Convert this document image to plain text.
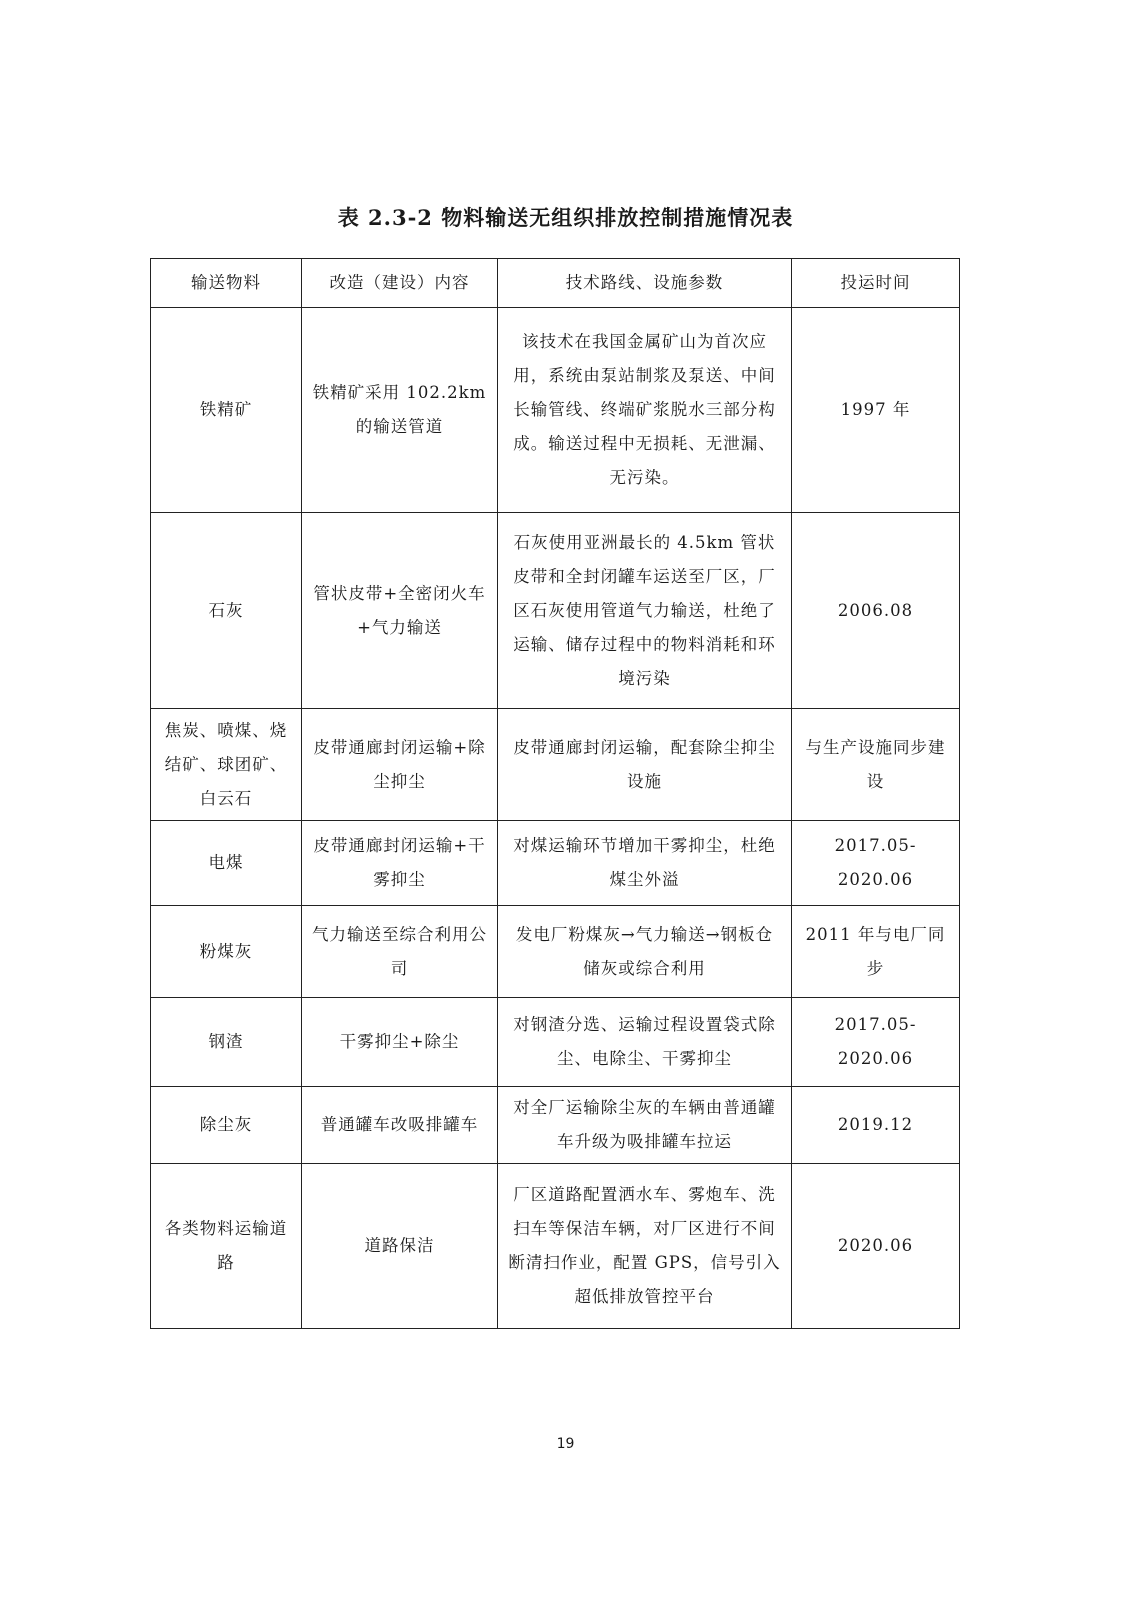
表 2.3-2 物料输送无组织排放控制措施情况表
输送物料	改造（建设）内容	技术路线、设施参数	投运时间
铁精矿	铁精矿采用 102.2km 的输送管道	该技术在我国金属矿山为首次应用，系统由泵站制浆及泵送、中间长输管线、终端矿浆脱水三部分构成。输送过程中无损耗、无泄漏、无污染。	1997 年
石灰	管状皮带+全密闭火车+气力输送	石灰使用亚洲最长的 4.5km 管状皮带和全封闭罐车运送至厂区，厂区石灰使用管道气力输送，杜绝了运输、储存过程中的物料消耗和环境污染	2006.08
焦炭、喷煤、烧结矿、球团矿、白云石	皮带通廊封闭运输+除尘抑尘	皮带通廊封闭运输，配套除尘抑尘设施	与生产设施同步建设
电煤	皮带通廊封闭运输+干雾抑尘	对煤运输环节增加干雾抑尘，杜绝煤尘外溢	2017.05-2020.06
粉煤灰	气力输送至综合利用公司	发电厂粉煤灰→气力输送→钢板仓储灰或综合利用	2011 年与电厂同步
钢渣	干雾抑尘+除尘	对钢渣分选、运输过程设置袋式除尘、电除尘、干雾抑尘	2017.05-2020.06
除尘灰	普通罐车改吸排罐车	对全厂运输除尘灰的车辆由普通罐车升级为吸排罐车拉运	2019.12
各类物料运输道路	道路保洁	厂区道路配置洒水车、雾炮车、洗扫车等保洁车辆，对厂区进行不间断清扫作业，配置 GPS，信号引入超低排放管控平台	2020.06
19
